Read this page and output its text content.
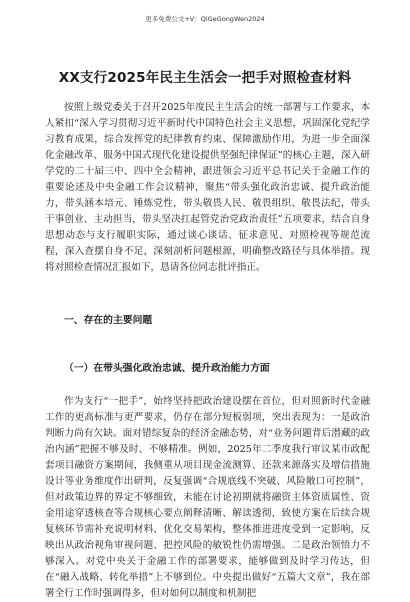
更多免费公文+V：QiGeGongWen2024
XX支行2025年民主生活会一把手对照检查材料

按照上级党委关于召开2025年度民主生活会的统一部署与工作要求，本人紧扣“深入学习贯彻习近平新时代中国特色社会主义思想，巩固深化党纪学习教育成果，综合发挥党的纪律教育约束、保障激励作用，为进一步全面深化金融改革、服务中国式现代化建设提供坚强纪律保证”的核心主题，深入研学党的二十届三中、四中全会精神，跟进领会习近平总书记关于金融工作的重要论述及中央金融工作会议精神，聚焦“带头强化政治忠诚、提升政治能力，带头涵本培元、锤炼党性，带头敬畏人民、敬畏组织、敬畏法纪，带头干事创业、主动担当，带头坚决扛起管党治党政治责任”五项要求，结合自身思想动态与支行履职实际，通过谈心谈话、征求意见、对照检视等规范流程，深入查摆自身不足，深刻剖析问题根源，明确整改路径与具体举措。现将对照检查情况汇报如下，恳请各位同志批评指正。

一、存在的主要问题

（一）在带头强化政治忠诚、提升政治能力方面

作为支行“一把手”，始终坚持把政治建设摆在首位，但对照新时代金融工作的更高标准与更严要求，仍存在部分短板弱项，突出表现为：一是政治判断力尚有欠缺。面对错综复杂的经济金融态势，对“业务问题背后潜藏的政治内涵”把握不够及时、不够精准。例如，2025年二季度我行审议某市政配套项目融资方案期间，我侧重从项目现金流测算、还款来源落实及增信措施设计等业务维度作出研判，反复强调“合规底线不突破、风险敞口可控制”，但对政策边界的界定不够细致，未能在讨论初期就将融资主体资质属性、资金用途穿透核查等合规核心要点阐释清晰、解读透彻，致使方案在后续合规复核环节需补充说明材料、优化交易架构，整体推进进度受到一定影响，反映出从政治视角审视问题、把控风险的敏锐性仍需增强。二是政治领悟力不够深入。对党中央关于金融工作的部署要求，能够做到及时学习传达，但在“融入战略、转化举措”上不够到位。中央提出做好“五篇大文章”，我在部署全行工作时强调得多，但对如何以制度和机制把
